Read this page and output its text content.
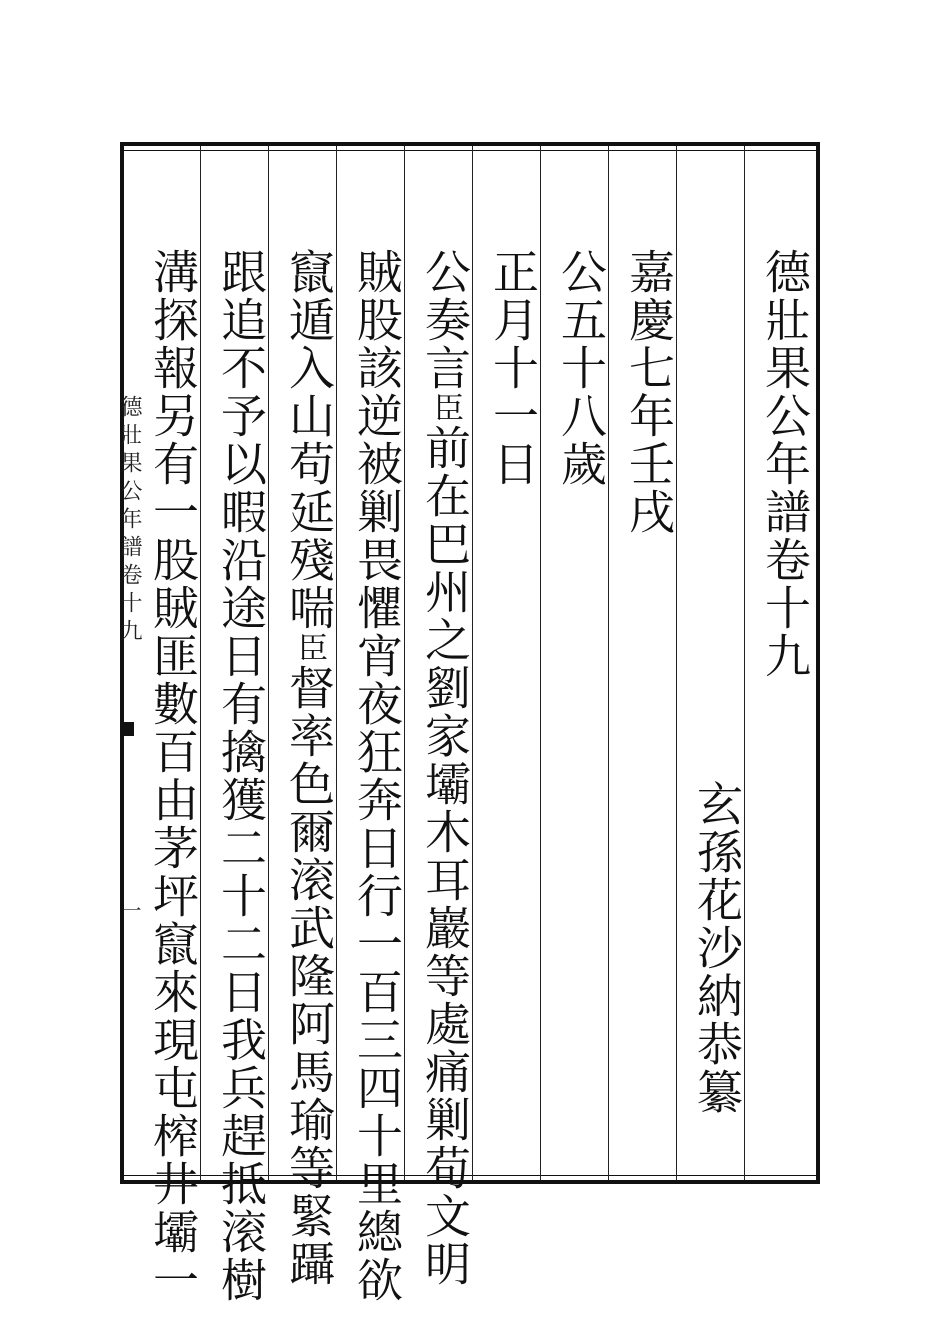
德壯果公年譜卷十九
玄孫花沙納恭纂
嘉慶七年壬戌
公五十八歲
正月十一日
公奏言臣前在巴州之劉家壩木耳巖等處痛剿苟文明
賊股該逆被剿畏懼宵夜狂奔日行一百三四十里總欲
竄遁入山苟延殘喘臣督率色爾滚武隆阿馬瑜等緊躡
跟追不予以暇沿途日有擒獲二十二日我兵趕抵滚樹
溝探報另有一股賊匪數百由茅坪竄來現屯榨井壩一
德壯果公年譜卷十九
一
